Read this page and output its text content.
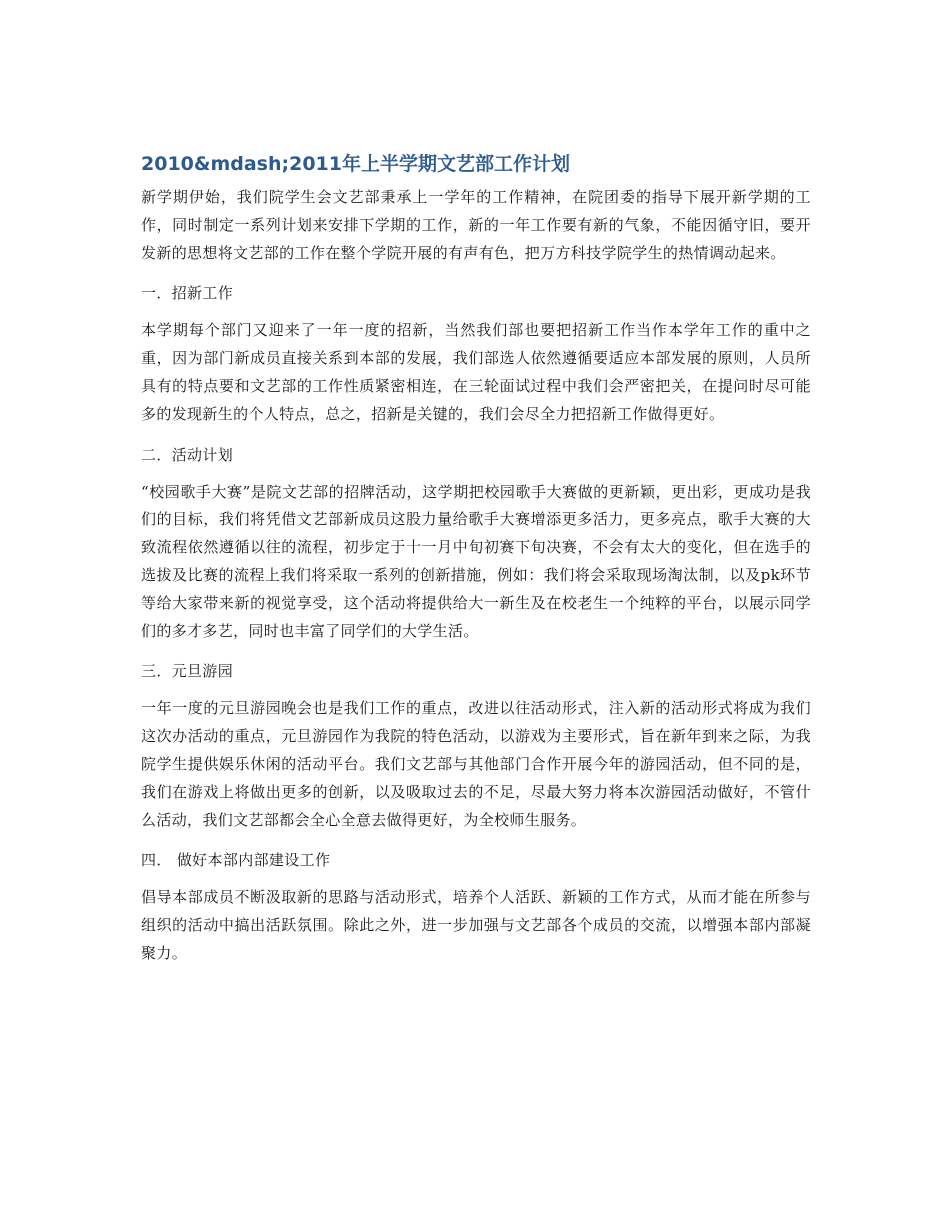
2010&mdash;2011年上半学期文艺部工作计划

新学期伊始，我们院学生会文艺部秉承上一学年的工作精神，在院团委的指导下展开新学期的工作，同时制定一系列计划来安排下学期的工作，新的一年工作要有新的气象，不能因循守旧，要开发新的思想将文艺部的工作在整个学院开展的有声有色，把万方科技学院学生的热情调动起来。

一．招新工作

本学期每个部门又迎来了一年一度的招新，当然我们部也要把招新工作当作本学年工作的重中之重，因为部门新成员直接关系到本部的发展，我们部选人依然遵循要适应本部发展的原则，人员所具有的特点要和文艺部的工作性质紧密相连，在三轮面试过程中我们会严密把关，在提问时尽可能多的发现新生的个人特点，总之，招新是关键的，我们会尽全力把招新工作做得更好。

二．活动计划

“校园歌手大赛”是院文艺部的招牌活动，这学期把校园歌手大赛做的更新颖，更出彩，更成功是我们的目标，我们将凭借文艺部新成员这股力量给歌手大赛增添更多活力，更多亮点，歌手大赛的大致流程依然遵循以往的流程，初步定于十一月中旬初赛下旬决赛，不会有太大的变化，但在选手的选拔及比赛的流程上我们将采取一系列的创新措施，例如：我们将会采取现场淘汰制，以及pk环节等给大家带来新的视觉享受，这个活动将提供给大一新生及在校老生一个纯粹的平台，以展示同学们的多才多艺，同时也丰富了同学们的大学生活。

三．元旦游园

一年一度的元旦游园晚会也是我们工作的重点，改进以往活动形式，注入新的活动形式将成为我们这次办活动的重点，元旦游园作为我院的特色活动，以游戏为主要形式，旨在新年到来之际，为我院学生提供娱乐休闲的活动平台。我们文艺部与其他部门合作开展今年的游园活动，但不同的是，我们在游戏上将做出更多的创新，以及吸取过去的不足，尽最大努力将本次游园活动做好，不管什么活动，我们文艺部都会全心全意去做得更好，为全校师生服务。

四． 做好本部内部建设工作

倡导本部成员不断汲取新的思路与活动形式，培养个人活跃、新颖的工作方式，从而才能在所参与组织的活动中搞出活跃氛围。除此之外，进一步加强与文艺部各个成员的交流，以增强本部内部凝聚力。
